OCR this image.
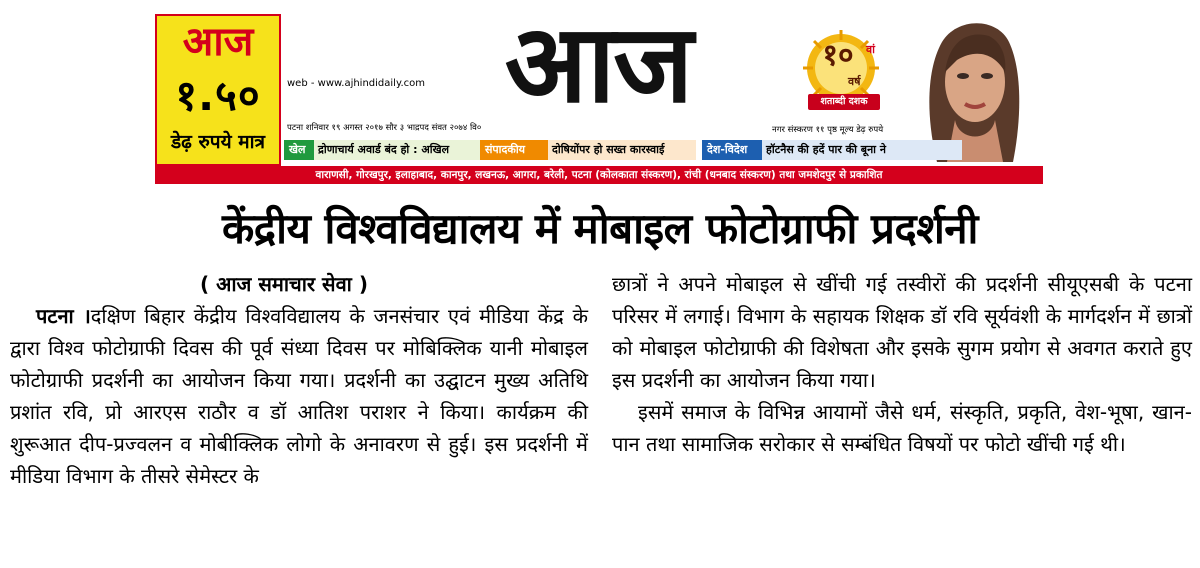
आज
१.५०
डेढ़ रुपये मात्र
web - www.ajhindidaily.com आज
पटना शनिवार १९ अगस्त २०१७ सौर ३ भाद्रपद संवत २०७४ वि०
१०	वां
वर्ष
शताब्दी दशक
नगर संस्करण ११ पृष्ठ मूल्य डेढ़ रुपये
खेल	द्रोणाचार्य अवार्ड बंद हो : अखिल	संपादकीय	दोषियोंपर हो सख्त कारस्वाई	देश-विदेश	हॉटनैस की हदें पार की बूना ने
वाराणसी, गोरखपुर, इलाहाबाद, कानपुर, लखनऊ, आगरा, बरेली, पटना (कोलकाता संस्करण), रांची (धनबाद संस्करण) तथा जमशेदपुर से प्रकाशित
केंद्रीय विश्वविद्यालय में मोबाइल फोटोग्राफी प्रदर्शनी
( आज समाचार सेवा )

पटना ।दक्षिण बिहार केंद्रीय विश्वविद्यालय के जनसंचार एवं मीडिया केंद्र के द्वारा विश्व फोटोग्राफी दिवस की पूर्व संध्या दिवस पर मोबिक्लिक यानी मोबाइल फोटोग्राफी प्रदर्शनी का आयोजन किया गया। प्रदर्शनी का उद्घाटन मुख्य अतिथि प्रशांत रवि, प्रो आरएस राठौर व डॉ आतिश पराशर ने किया। कार्यक्रम की शुरूआत दीप-प्रज्वलन व मोबीक्लिक लोगो के अनावरण से हुई। इस प्रदर्शनी में मीडिया विभाग के तीसरे सेमेस्टर के

छात्रों ने अपने मोबाइल से खींची गई तस्वीरों की प्रदर्शनी सीयूएसबी के पटना परिसर में लगाई। विभाग के सहायक शिक्षक डॉ रवि सूर्यवंशी के मार्गदर्शन में छात्रों को मोबाइल फोटोग्राफी की विशेषता और इसके सुगम प्रयोग से अवगत कराते हुए इस प्रदर्शनी का आयोजन किया गया।

इसमें समाज के विभिन्न आयामों जैसे धर्म, संस्कृति, प्रकृति, वेश-भूषा, खान-पान तथा सामाजिक सरोकार से सम्बंधित विषयों पर फोटो खींची गई थी।
